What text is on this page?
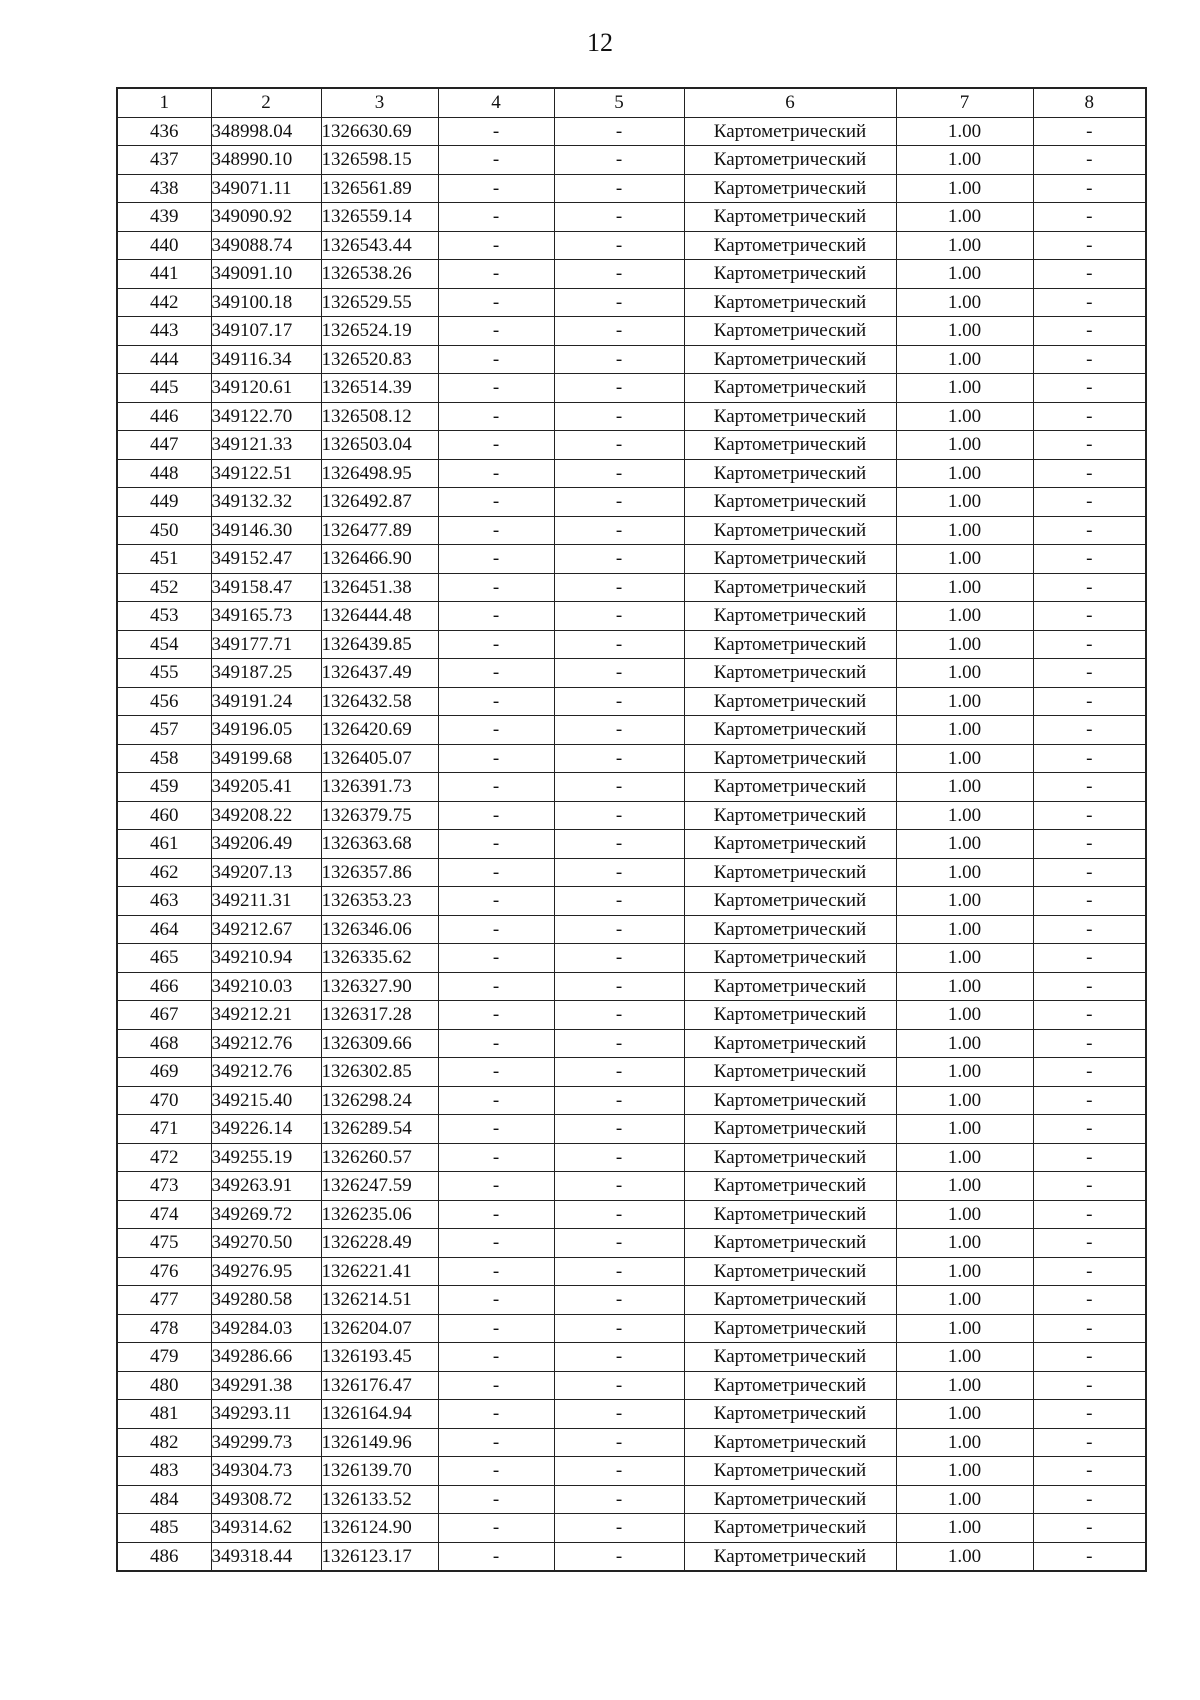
12
1	2	3	4	5	6	7	8
436	348998.04	1326630.69	-	-	Картометрический	1.00	-
437	348990.10	1326598.15	-	-	Картометрический	1.00	-
438	349071.11	1326561.89	-	-	Картометрический	1.00	-
439	349090.92	1326559.14	-	-	Картометрический	1.00	-
440	349088.74	1326543.44	-	-	Картометрический	1.00	-
441	349091.10	1326538.26	-	-	Картометрический	1.00	-
442	349100.18	1326529.55	-	-	Картометрический	1.00	-
443	349107.17	1326524.19	-	-	Картометрический	1.00	-
444	349116.34	1326520.83	-	-	Картометрический	1.00	-
445	349120.61	1326514.39	-	-	Картометрический	1.00	-
446	349122.70	1326508.12	-	-	Картометрический	1.00	-
447	349121.33	1326503.04	-	-	Картометрический	1.00	-
448	349122.51	1326498.95	-	-	Картометрический	1.00	-
449	349132.32	1326492.87	-	-	Картометрический	1.00	-
450	349146.30	1326477.89	-	-	Картометрический	1.00	-
451	349152.47	1326466.90	-	-	Картометрический	1.00	-
452	349158.47	1326451.38	-	-	Картометрический	1.00	-
453	349165.73	1326444.48	-	-	Картометрический	1.00	-
454	349177.71	1326439.85	-	-	Картометрический	1.00	-
455	349187.25	1326437.49	-	-	Картометрический	1.00	-
456	349191.24	1326432.58	-	-	Картометрический	1.00	-
457	349196.05	1326420.69	-	-	Картометрический	1.00	-
458	349199.68	1326405.07	-	-	Картометрический	1.00	-
459	349205.41	1326391.73	-	-	Картометрический	1.00	-
460	349208.22	1326379.75	-	-	Картометрический	1.00	-
461	349206.49	1326363.68	-	-	Картометрический	1.00	-
462	349207.13	1326357.86	-	-	Картометрический	1.00	-
463	349211.31	1326353.23	-	-	Картометрический	1.00	-
464	349212.67	1326346.06	-	-	Картометрический	1.00	-
465	349210.94	1326335.62	-	-	Картометрический	1.00	-
466	349210.03	1326327.90	-	-	Картометрический	1.00	-
467	349212.21	1326317.28	-	-	Картометрический	1.00	-
468	349212.76	1326309.66	-	-	Картометрический	1.00	-
469	349212.76	1326302.85	-	-	Картометрический	1.00	-
470	349215.40	1326298.24	-	-	Картометрический	1.00	-
471	349226.14	1326289.54	-	-	Картометрический	1.00	-
472	349255.19	1326260.57	-	-	Картометрический	1.00	-
473	349263.91	1326247.59	-	-	Картометрический	1.00	-
474	349269.72	1326235.06	-	-	Картометрический	1.00	-
475	349270.50	1326228.49	-	-	Картометрический	1.00	-
476	349276.95	1326221.41	-	-	Картометрический	1.00	-
477	349280.58	1326214.51	-	-	Картометрический	1.00	-
478	349284.03	1326204.07	-	-	Картометрический	1.00	-
479	349286.66	1326193.45	-	-	Картометрический	1.00	-
480	349291.38	1326176.47	-	-	Картометрический	1.00	-
481	349293.11	1326164.94	-	-	Картометрический	1.00	-
482	349299.73	1326149.96	-	-	Картометрический	1.00	-
483	349304.73	1326139.70	-	-	Картометрический	1.00	-
484	349308.72	1326133.52	-	-	Картометрический	1.00	-
485	349314.62	1326124.90	-	-	Картометрический	1.00	-
486	349318.44	1326123.17	-	-	Картометрический	1.00	-
